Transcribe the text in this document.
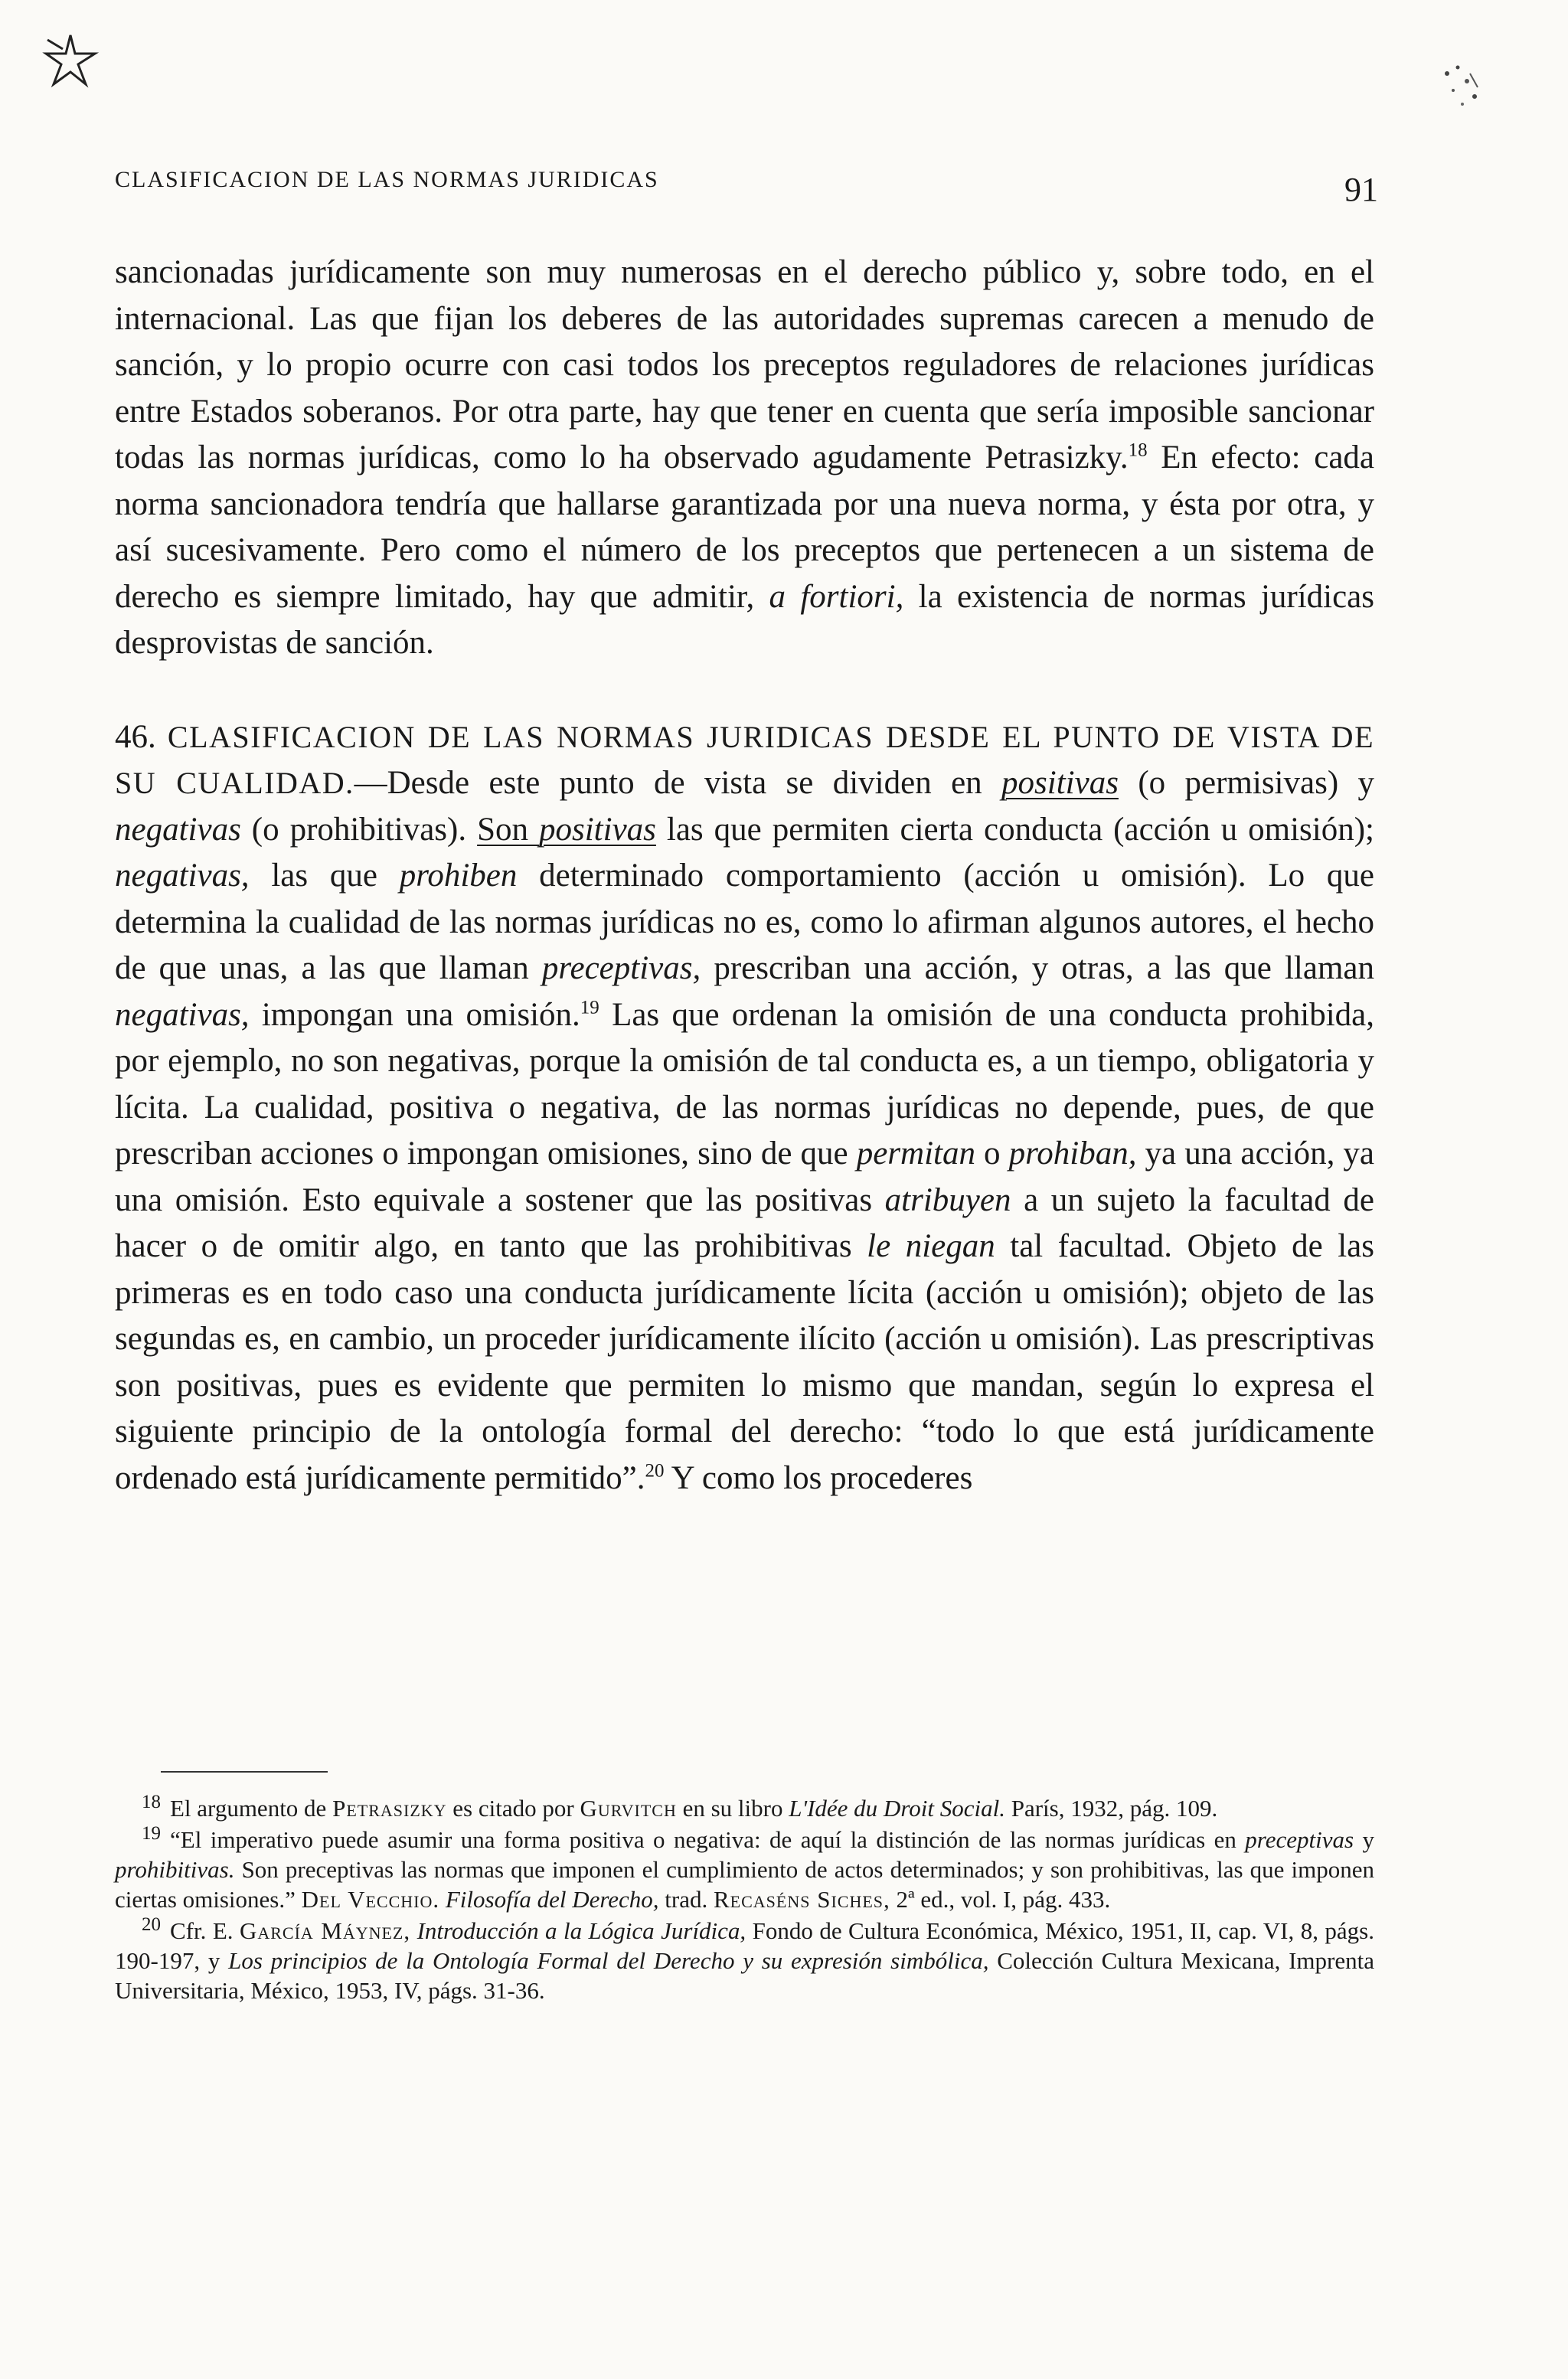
CLASIFICACION DE LAS NORMAS JURIDICAS	91

sancionadas jurídicamente son muy numerosas en el derecho público y, sobre todo, en el internacional. Las que fijan los deberes de las autoridades supremas carecen a menudo de sanción, y lo propio ocurre con casi todos los preceptos reguladores de relaciones jurídicas entre Estados soberanos. Por otra parte, hay que tener en cuenta que sería imposible sancionar todas las normas jurídicas, como lo ha observado agudamente Petrasizky.$^{18}$ En efecto: cada norma sancionadora tendría que hallarse garantizada por una nueva norma, y ésta por otra, y así sucesivamente. Pero como el número de los preceptos que pertenecen a un sistema de derecho es siempre limitado, hay que admitir, a fortiori, la existencia de normas jurídicas desprovistas de sanción.

46. CLASIFICACION DE LAS NORMAS JURIDICAS DESDE EL PUNTO DE VISTA DE SU CUALIDAD.—Desde este punto de vista se dividen en positivas (o permisivas) y negativas (o prohibitivas). Son positivas las que permiten cierta conducta (acción u omisión); negativas, las que prohiben determinado comportamiento (acción u omisión). Lo que determina la cualidad de las normas jurídicas no es, como lo afirman algunos autores, el hecho de que unas, a las que llaman preceptivas, prescriban una acción, y otras, a las que llaman negativas, impongan una omisión.$^{19}$ Las que ordenan la omisión de una conducta prohibida, por ejemplo, no son negativas, porque la omisión de tal conducta es, a un tiempo, obligatoria y lícita. La cualidad, positiva o negativa, de las normas jurídicas no depende, pues, de que prescriban acciones o impongan omisiones, sino de que permitan o prohiban, ya una acción, ya una omisión. Esto equivale a sostener que las positivas atribuyen a un sujeto la facultad de hacer o de omitir algo, en tanto que las prohibitivas le niegan tal facultad. Objeto de las primeras es en todo caso una conducta jurídicamente lícita (acción u omisión); objeto de las segundas es, en cambio, un proceder jurídicamente ilícito (acción u omisión). Las prescriptivas son positivas, pues es evidente que permiten lo mismo que mandan, según lo expresa el siguiente principio de la ontología formal del derecho: “todo lo que está jurídicamente ordenado está jurídicamente permitido”.$^{20}$ Y como los procederes

$^{18}$ El argumento de Petrasizky es citado por Gurvitch en su libro L'Idée du Droit Social. París, 1932, pág. 109.

$^{19}$ “El imperativo puede asumir una forma positiva o negativa: de aquí la distinción de las normas jurídicas en preceptivas y prohibitivas. Son preceptivas las normas que imponen el cumplimiento de actos determinados; y son prohibitivas, las que imponen ciertas omisiones.” Del Vecchio. Filosofía del Derecho, trad. Recaséns Siches, 2ª ed., vol. I, pág. 433.

$^{20}$ Cfr. E. García Máynez, Introducción a la Lógica Jurídica, Fondo de Cultura Económica, México, 1951, II, cap. VI, 8, págs. 190-197, y Los principios de la Ontología Formal del Derecho y su expresión simbólica, Colección Cultura Mexicana, Imprenta Universitaria, México, 1953, IV, págs. 31-36.
